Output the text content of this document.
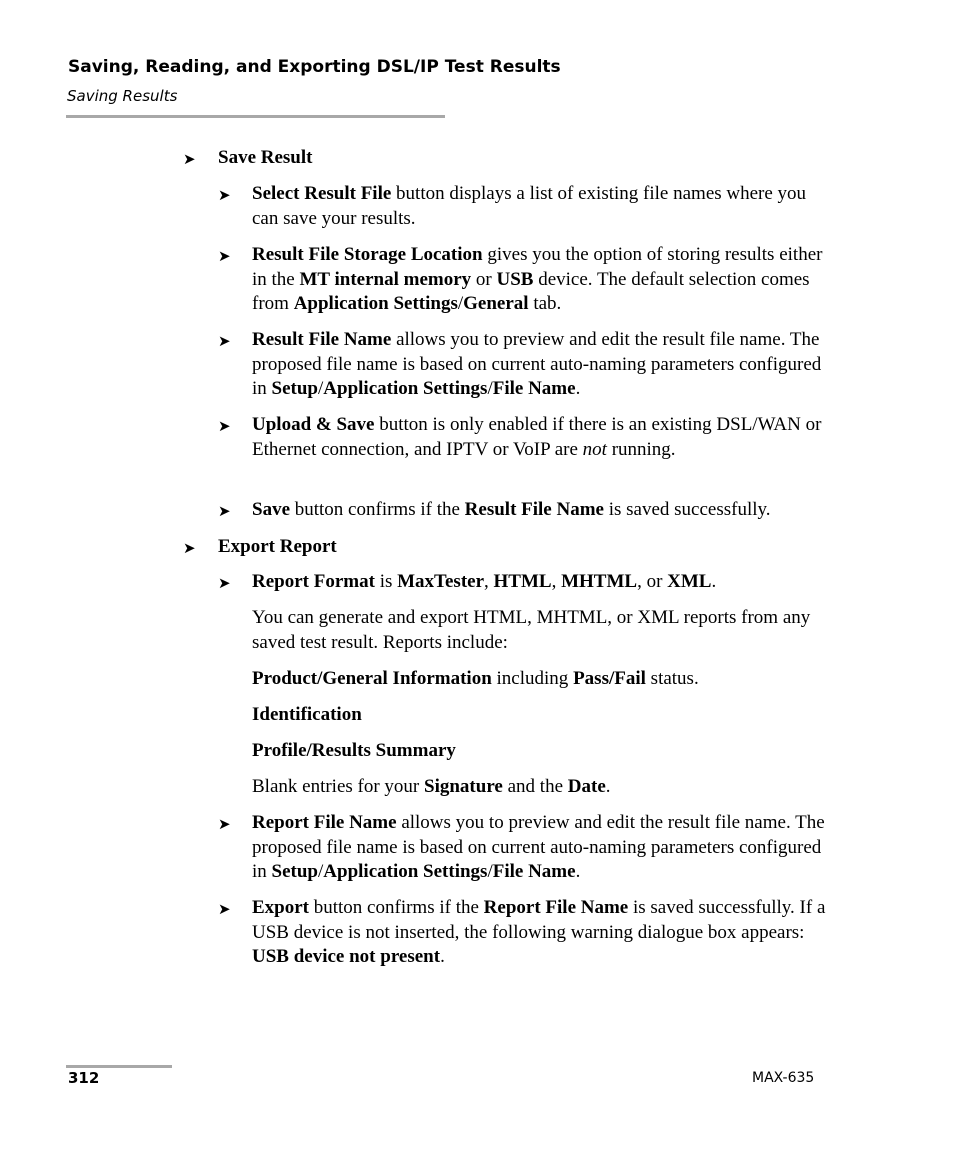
Saving, Reading, and Exporting DSL/IP Test Results
Saving Results
➤ Save Result
➤ Select Result File button displays a list of existing file names where you can save your results.
➤ Result File Storage Location gives you the option of storing results either in the MT internal memory or USB device. The default selection comes from Application Settings/General tab.
➤ Result File Name allows you to preview and edit the result file name. The proposed file name is based on current auto-naming parameters configured in Setup/Application Settings/File Name.
➤ Upload & Save button is only enabled if there is an existing DSL/WAN or Ethernet connection, and IPTV or VoIP are not running.
➤ Save button confirms if the Result File Name is saved successfully.
➤ Export Report
➤ Report Format is MaxTester, HTML, MHTML, or XML.
You can generate and export HTML, MHTML, or XML reports from any saved test result. Reports include:
Product/General Information including Pass/Fail status.
Identification
Profile/Results Summary
Blank entries for your Signature and the Date.
➤ Report File Name allows you to preview and edit the result file name. The proposed file name is based on current auto-naming parameters configured in Setup/Application Settings/File Name.
➤ Export button confirms if the Report File Name is saved successfully. If a USB device is not inserted, the following warning dialogue box appears: USB device not present.
312	MAX-635
